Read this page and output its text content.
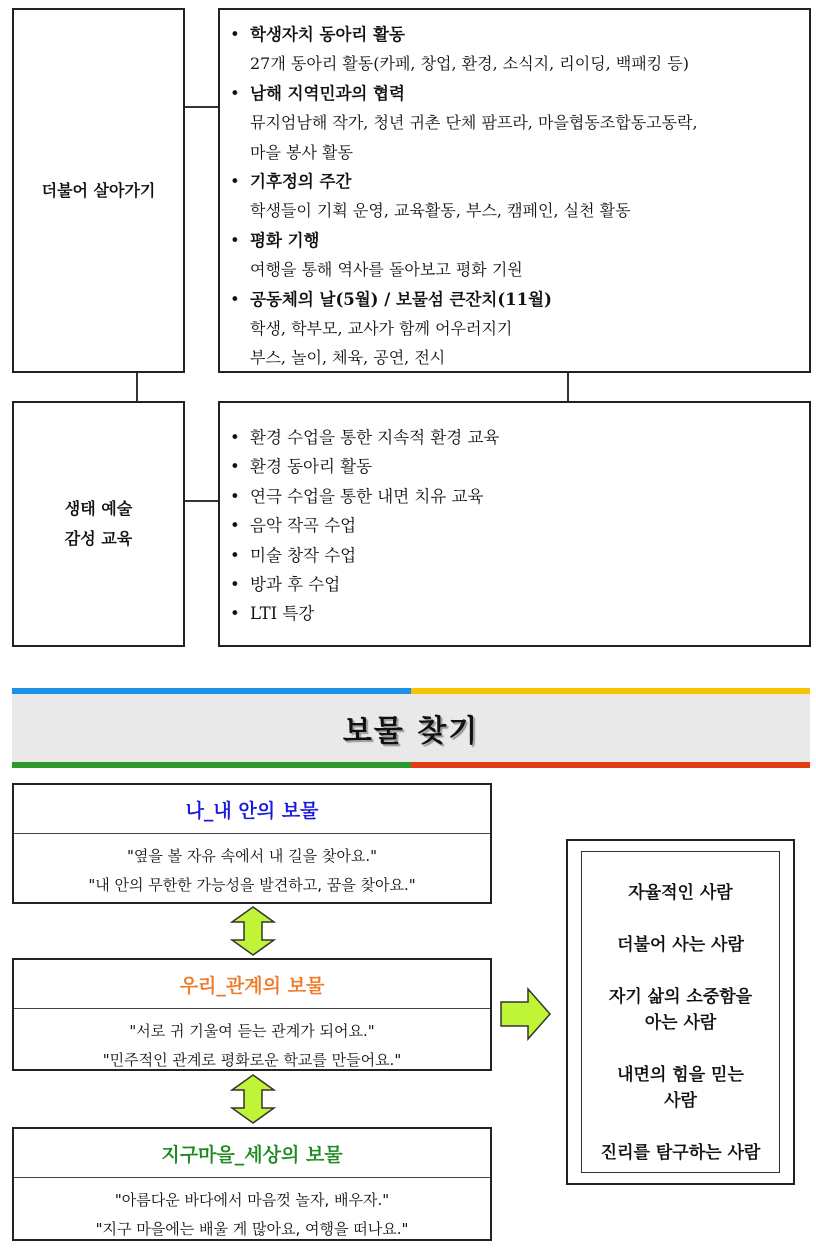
더불어 살아가기
• 학생자치 동아리 활동
27개 동아리 활동(카페, 창업, 환경, 소식지, 리이딩, 백패킹 등)
• 남해 지역민과의 협력
뮤지엄남해 작가, 청년 귀촌 단체 팜프라, 마을협동조합동고동락,
마을 봉사 활동
• 기후정의 주간
학생들이 기획 운영, 교육활동, 부스, 캠페인, 실천 활동
• 평화 기행
여행을 통해 역사를 돌아보고 평화 기원
• 공동체의 날(5월) / 보물섬 큰잔치(11월)
학생, 학부모, 교사가 함께 어우러지기
부스, 놀이, 체육, 공연, 전시
생태 예술
감성 교육
• 환경 수업을 통한 지속적 환경 교육
• 환경 동아리 활동
• 연극 수업을 통한 내면 치유 교육
• 음악 작곡 수업
• 미술 창작 수업
• 방과 후 수업
• LTI 특강
보물 찾기
나_내 안의 보물
"옆을 볼 자유 속에서 내 길을 찾아요."
"내 안의 무한한 가능성을 발견하고, 꿈을 찾아요."
우리_관계의 보물
"서로 귀 기울여 듣는 관계가 되어요."
"민주적인 관계로 평화로운 학교를 만들어요."
지구마을_세상의 보물
"아름다운 바다에서 마음껏 놀자, 배우자."
"지구 마을에는 배울 게 많아요, 여행을 떠나요."
자율적인 사람
더불어 사는 사람
자기 삶의 소중함을
아는 사람
내면의 힘을 믿는
사람
진리를 탐구하는 사람
